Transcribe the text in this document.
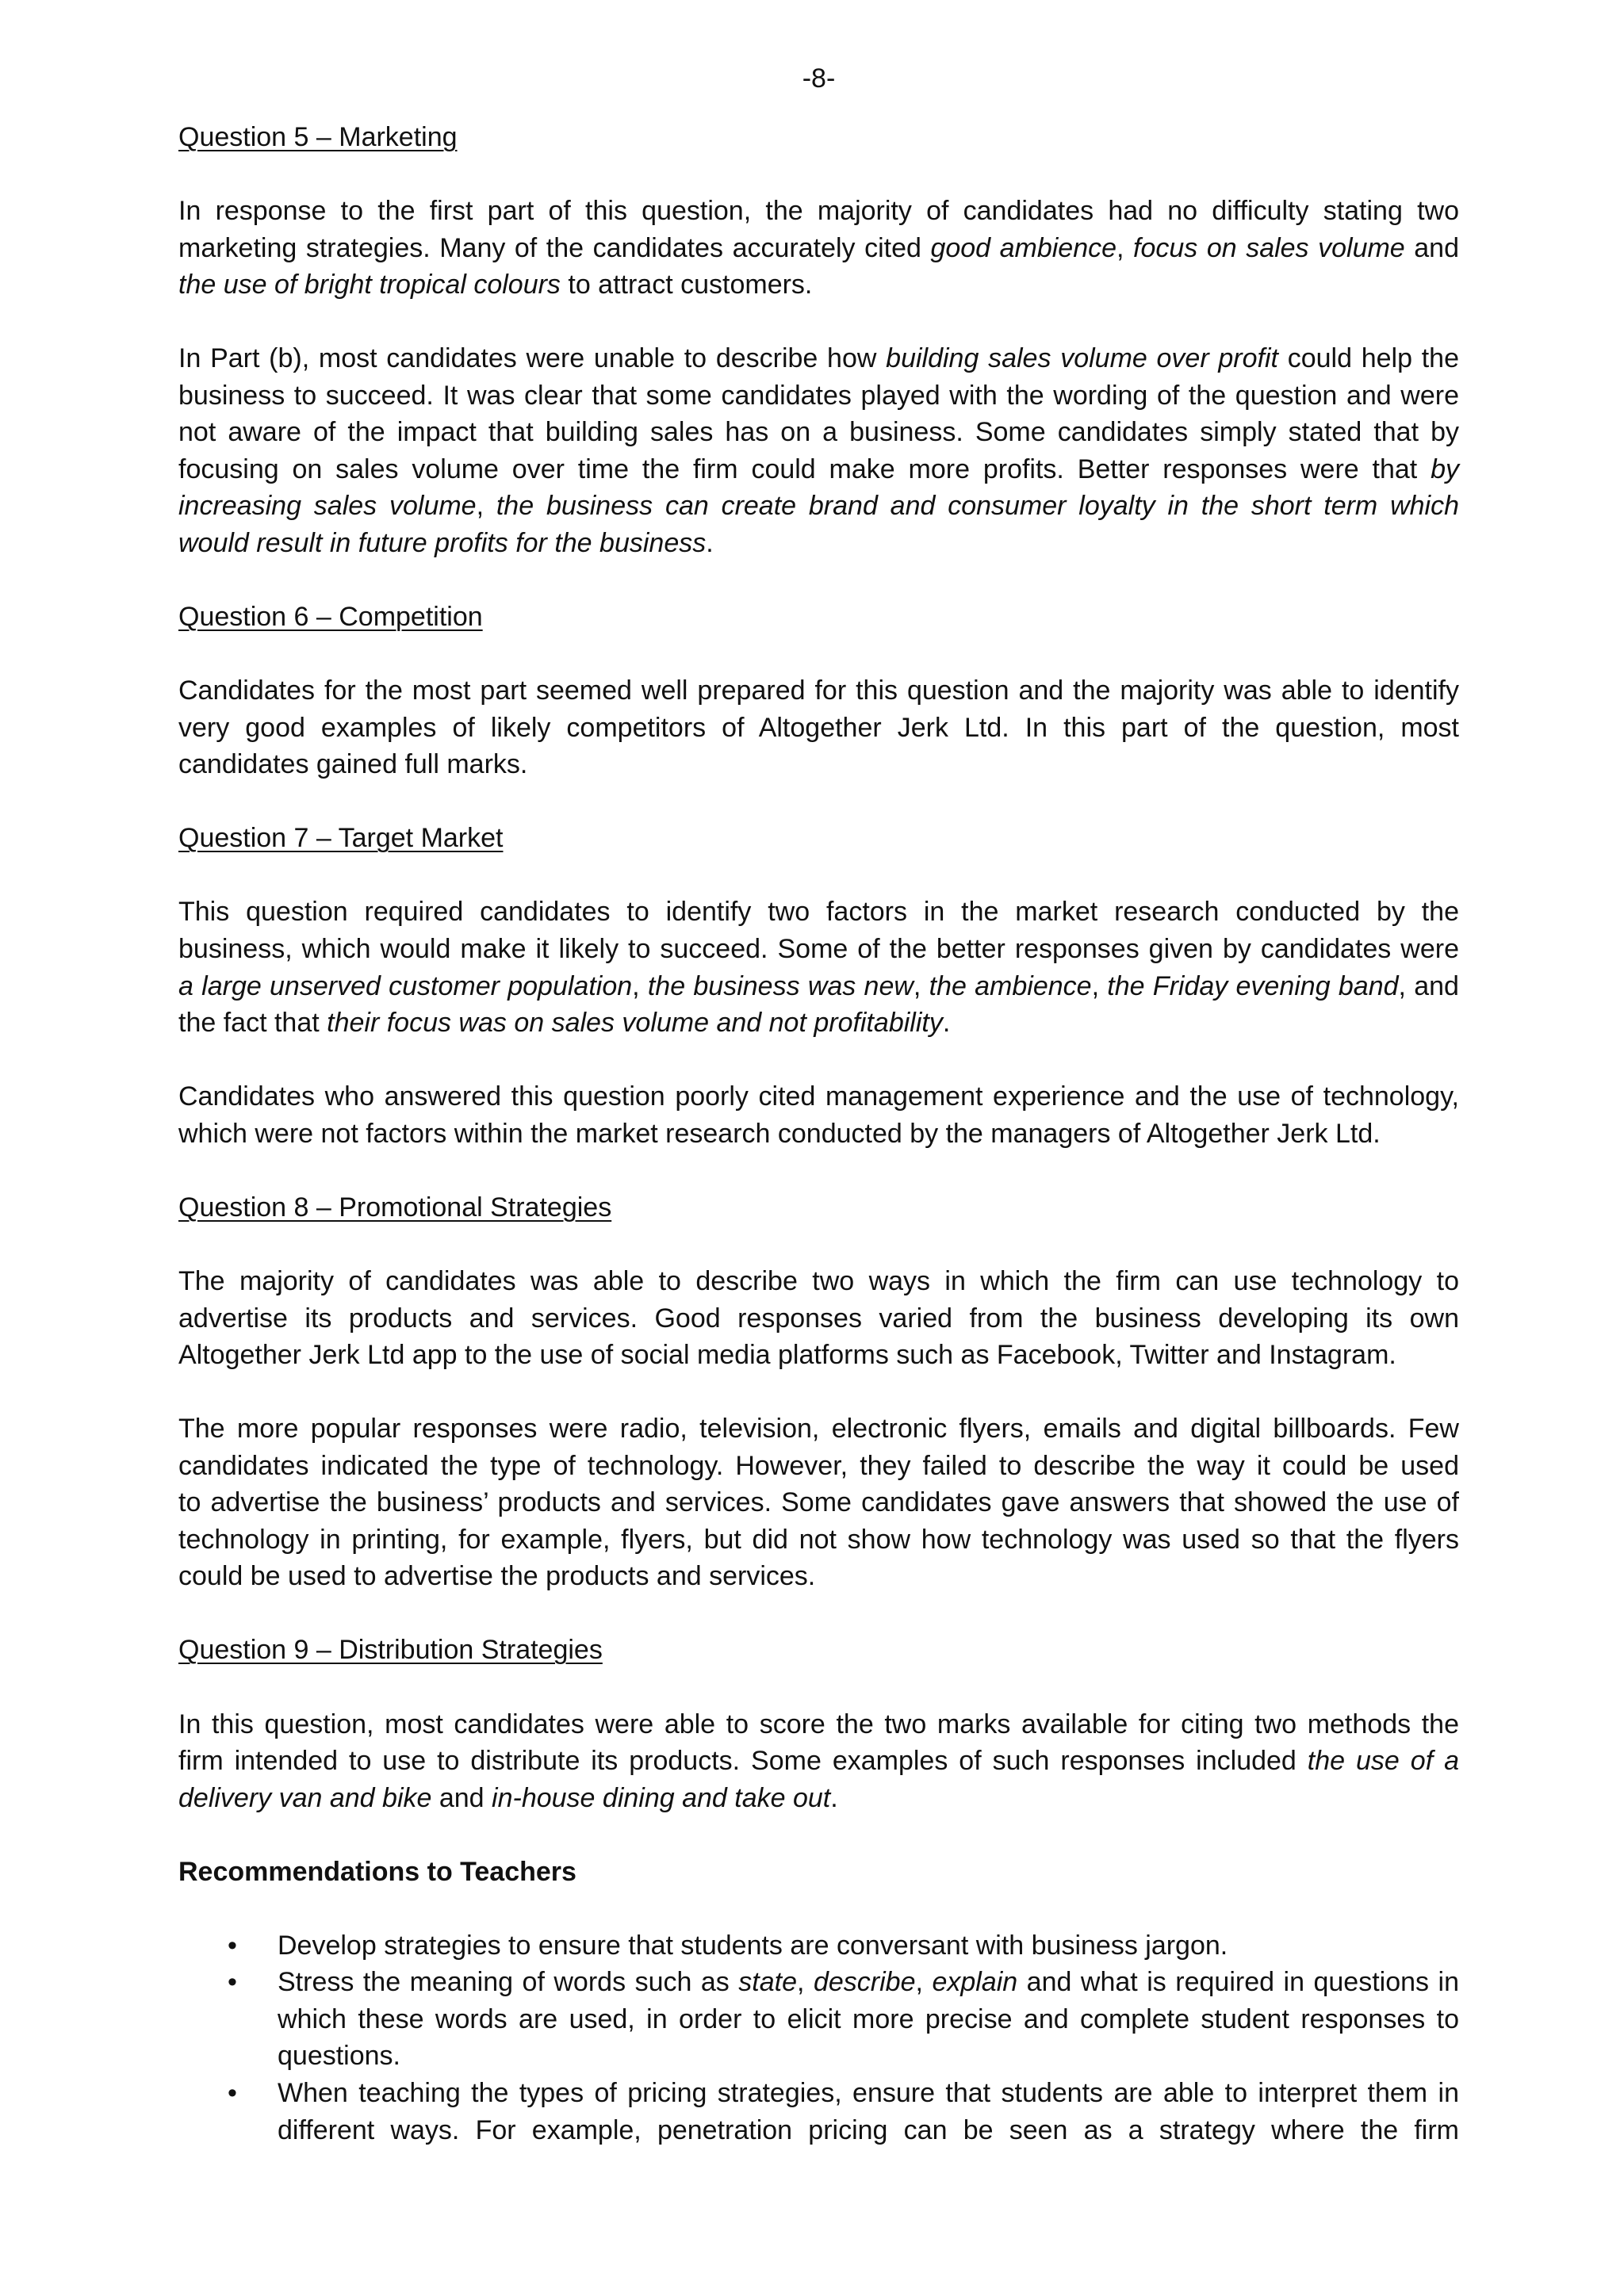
-8-
Question 5 – Marketing
In response to the first part of this question, the majority of candidates had no difficulty stating two
marketing strategies. Many of the candidates accurately cited good ambience, focus on sales volume and
the use of bright tropical colours to attract customers.
In Part (b), most candidates were unable to describe how building sales volume over profit could help the
business to succeed. It was clear that some candidates played with the wording of the question and were
not aware of the impact that building sales has on a business. Some candidates simply stated that by
focusing on sales volume over time the firm could make more profits. Better responses were that by
increasing sales volume, the business can create brand and consumer loyalty in the short term which
would result in future profits for the business.
Question 6 – Competition
Candidates for the most part seemed well prepared for this question and the majority was able to identify
very good examples of likely competitors of Altogether Jerk Ltd. In this part of the question, most
candidates gained full marks.
Question 7 – Target Market
This question required candidates to identify two factors in the market research conducted by the
business, which would make it likely to succeed. Some of the better responses given by candidates were
a large unserved customer population, the business was new, the ambience, the Friday evening band, and
the fact that their focus was on sales volume and not profitability.
Candidates who answered this question poorly cited management experience and the use of technology,
which were not factors within the market research conducted by the managers of Altogether Jerk Ltd.
Question 8 – Promotional Strategies
The majority of candidates was able to describe two ways in which the firm can use technology to
advertise its products and services. Good responses varied from the business developing its own
Altogether Jerk Ltd app to the use of social media platforms such as Facebook, Twitter and Instagram.
The more popular responses were radio, television, electronic flyers, emails and digital billboards. Few
candidates indicated the type of technology. However, they failed to describe the way it could be used
to advertise the business’ products and services. Some candidates gave answers that showed the use of
technology in printing, for example, flyers, but did not show how technology was used so that the flyers
could be used to advertise the products and services.
Question 9 – Distribution Strategies
In this question, most candidates were able to score the two marks available for citing two methods the
firm intended to use to distribute its products. Some examples of such responses included the use of a
delivery van and bike and in-house dining and take out.
Recommendations to Teachers
•
Develop strategies to ensure that students are conversant with business jargon.
•
Stress the meaning of words such as state, describe, explain and what is required in questions in
which these words are used, in order to elicit more precise and complete student responses to
questions.
•
When teaching the types of pricing strategies, ensure that students are able to interpret them in
different ways. For example, penetration pricing can be seen as a strategy where the firm
